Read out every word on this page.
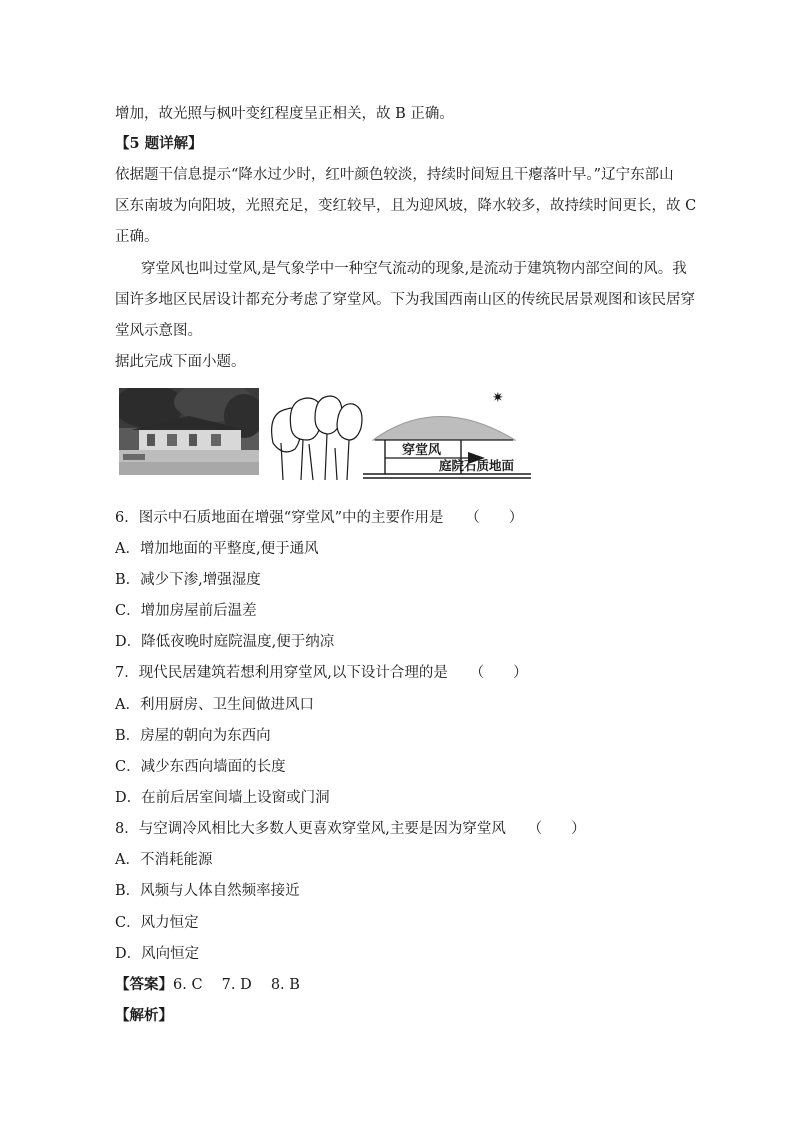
增加，故光照与枫叶变红程度呈正相关，故 B 正确。
【5 题详解】
依据题干信息提示“降水过少时，红叶颜色较淡，持续时间短且干瘪落叶早。”辽宁东部山
区东南坡为向阳坡，光照充足，变红较早，且为迎风坡，降水较多，故持续时间更长，故 C
正确。
穿堂风也叫过堂风,是气象学中一种空气流动的现象,是流动于建筑物内部空间的风。我
国许多地区民居设计都充分考虑了穿堂风。下为我国西南山区的传统民居景观图和该民居穿
堂风示意图。
据此完成下面小题。
✷
穿堂风
庭院石质地面
6．图示中石质地面在增强“穿堂风”中的主要作用是　　（　　）
A．增加地面的平整度,便于通风
B．减少下渗,增强湿度
C．增加房屋前后温差
D．降低夜晚时庭院温度,便于纳凉
7．现代民居建筑若想利用穿堂风,以下设计合理的是　　（　　）
A．利用厨房、卫生间做进风口
B．房屋的朝向为东西向
C．减少东西向墙面的长度
D．在前后居室间墙上设窗或门洞
8．与空调冷风相比大多数人更喜欢穿堂风,主要是因为穿堂风　　（　　）
A．不消耗能源
B．风频与人体自然频率接近
C．风力恒定
D．风向恒定
【答案】6. C　 7. D　 8. B
【解析】
